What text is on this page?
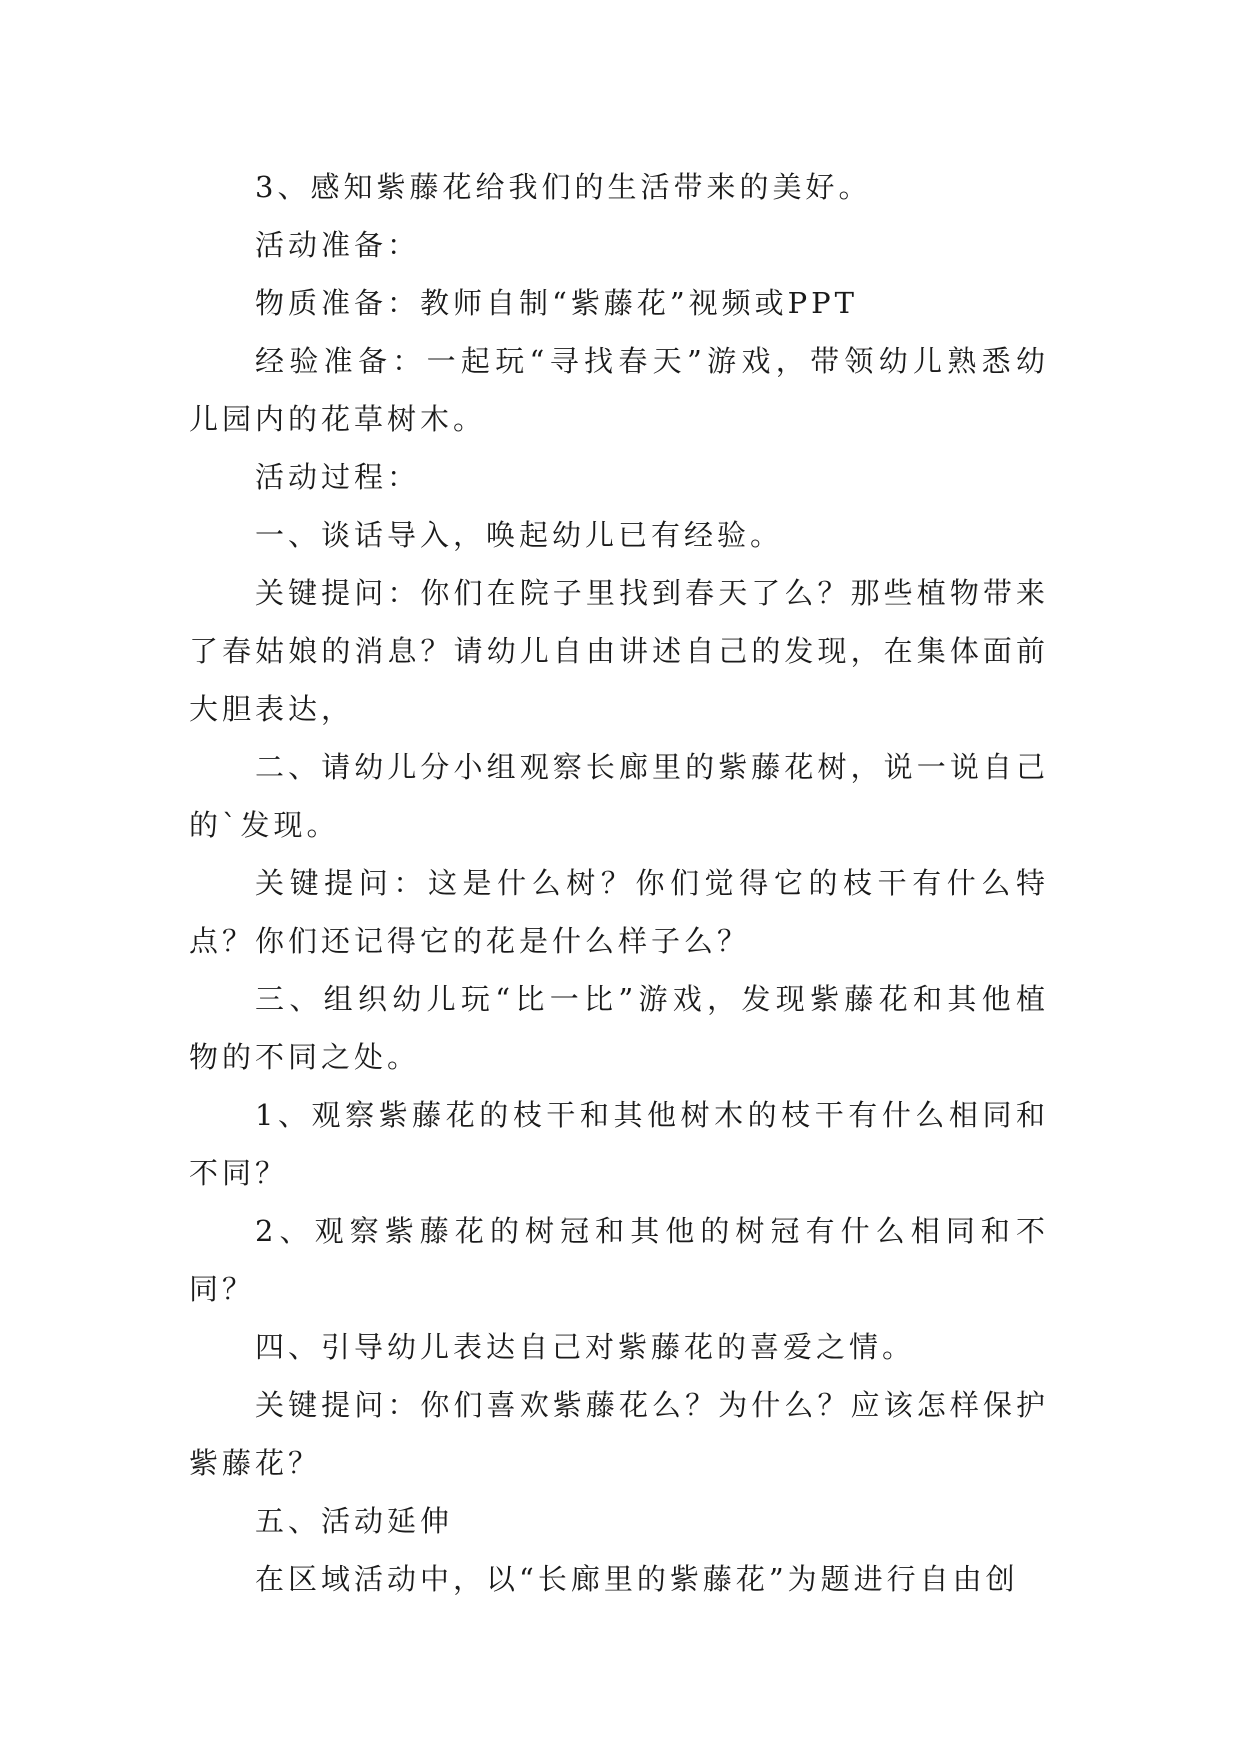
3、感知紫藤花给我们的生活带来的美好。

活动准备：

物质准备：教师自制“紫藤花”视频或PPT

经验准备：一起玩“寻找春天”游戏，带领幼儿熟悉幼儿园内的花草树木。

活动过程：

一、谈话导入，唤起幼儿已有经验。

关键提问：你们在院子里找到春天了么？那些植物带来了春姑娘的消息？请幼儿自由讲述自己的发现，在集体面前大胆表达，

二、请幼儿分小组观察长廊里的紫藤花树，说一说自己的`发现。

关键提问：这是什么树？你们觉得它的枝干有什么特点？你们还记得它的花是什么样子么？

三、组织幼儿玩“比一比”游戏，发现紫藤花和其他植物的不同之处。

1、观察紫藤花的枝干和其他树木的枝干有什么相同和不同？

2、观察紫藤花的树冠和其他的树冠有什么相同和不同？

四、引导幼儿表达自己对紫藤花的喜爱之情。

关键提问：你们喜欢紫藤花么？为什么？应该怎样保护紫藤花？

五、活动延伸

在区域活动中，以“长廊里的紫藤花”为题进行自由创
